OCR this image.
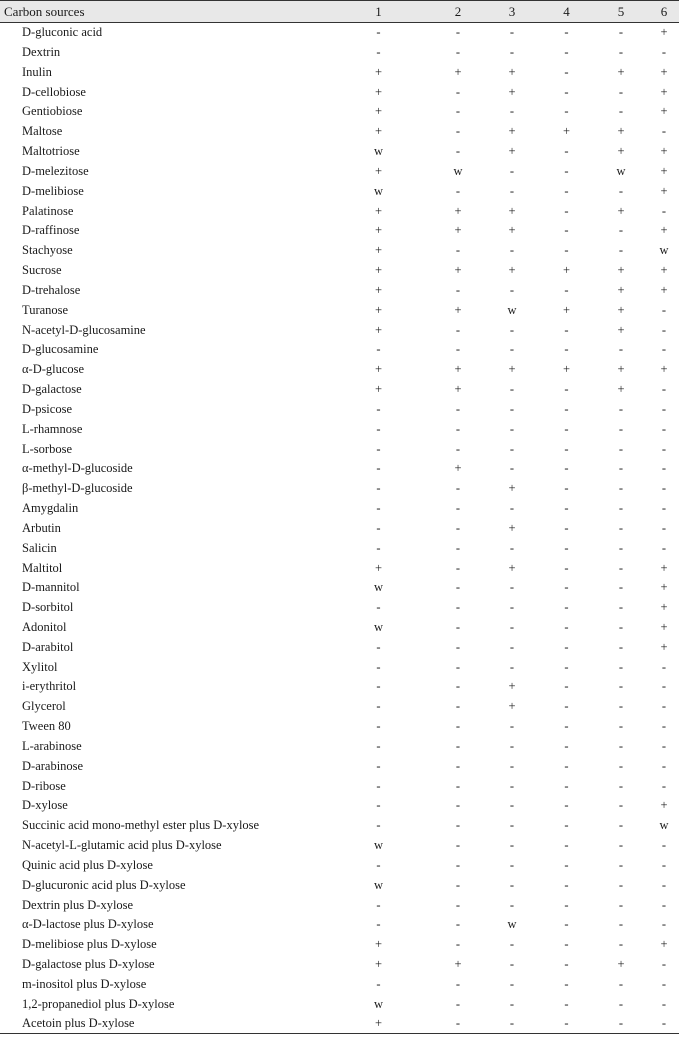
Carbon sources	1	2	3	4	5	6
D-gluconic acid	-	-	-	-	-	+
Dextrin	-	-	-	-	-	-
Inulin	+	+	+	-	+	+
D-cellobiose	+	-	+	-	-	+
Gentiobiose	+	-	-	-	-	+
Maltose	+	-	+	+	+	-
Maltotriose	w	-	+	-	+	+
D-melezitose	+	w	-	-	w	+
D-melibiose	w	-	-	-	-	+
Palatinose	+	+	+	-	+	-
D-raffinose	+	+	+	-	-	+
Stachyose	+	-	-	-	-	w
Sucrose	+	+	+	+	+	+
D-trehalose	+	-	-	-	+	+
Turanose	+	+	w	+	+	-
N-acetyl-D-glucosamine	+	-	-	-	+	-
D-glucosamine	-	-	-	-	-	-
α-D-glucose	+	+	+	+	+	+
D-galactose	+	+	-	-	+	-
D-psicose	-	-	-	-	-	-
L-rhamnose	-	-	-	-	-	-
L-sorbose	-	-	-	-	-	-
α-methyl-D-glucoside	-	+	-	-	-	-
β-methyl-D-glucoside	-	-	+	-	-	-
Amygdalin	-	-	-	-	-	-
Arbutin	-	-	+	-	-	-
Salicin	-	-	-	-	-	-
Maltitol	+	-	+	-	-	+
D-mannitol	w	-	-	-	-	+
D-sorbitol	-	-	-	-	-	+
Adonitol	w	-	-	-	-	+
D-arabitol	-	-	-	-	-	+
Xylitol	-	-	-	-	-	-
i-erythritol	-	-	+	-	-	-
Glycerol	-	-	+	-	-	-
Tween 80	-	-	-	-	-	-
L-arabinose	-	-	-	-	-	-
D-arabinose	-	-	-	-	-	-
D-ribose	-	-	-	-	-	-
D-xylose	-	-	-	-	-	+
Succinic acid mono-methyl ester plus D-xylose	-	-	-	-	-	w
N-acetyl-L-glutamic acid plus D-xylose	w	-	-	-	-	-
Quinic acid plus D-xylose	-	-	-	-	-	-
D-glucuronic acid plus D-xylose	w	-	-	-	-	-
Dextrin plus D-xylose	-	-	-	-	-	-
α-D-lactose plus D-xylose	-	-	w	-	-	-
D-melibiose plus D-xylose	+	-	-	-	-	+
D-galactose plus D-xylose	+	+	-	-	+	-
m-inositol plus D-xylose	-	-	-	-	-	-
1,2-propanediol plus D-xylose	w	-	-	-	-	-
Acetoin plus D-xylose	+	-	-	-	-	-
